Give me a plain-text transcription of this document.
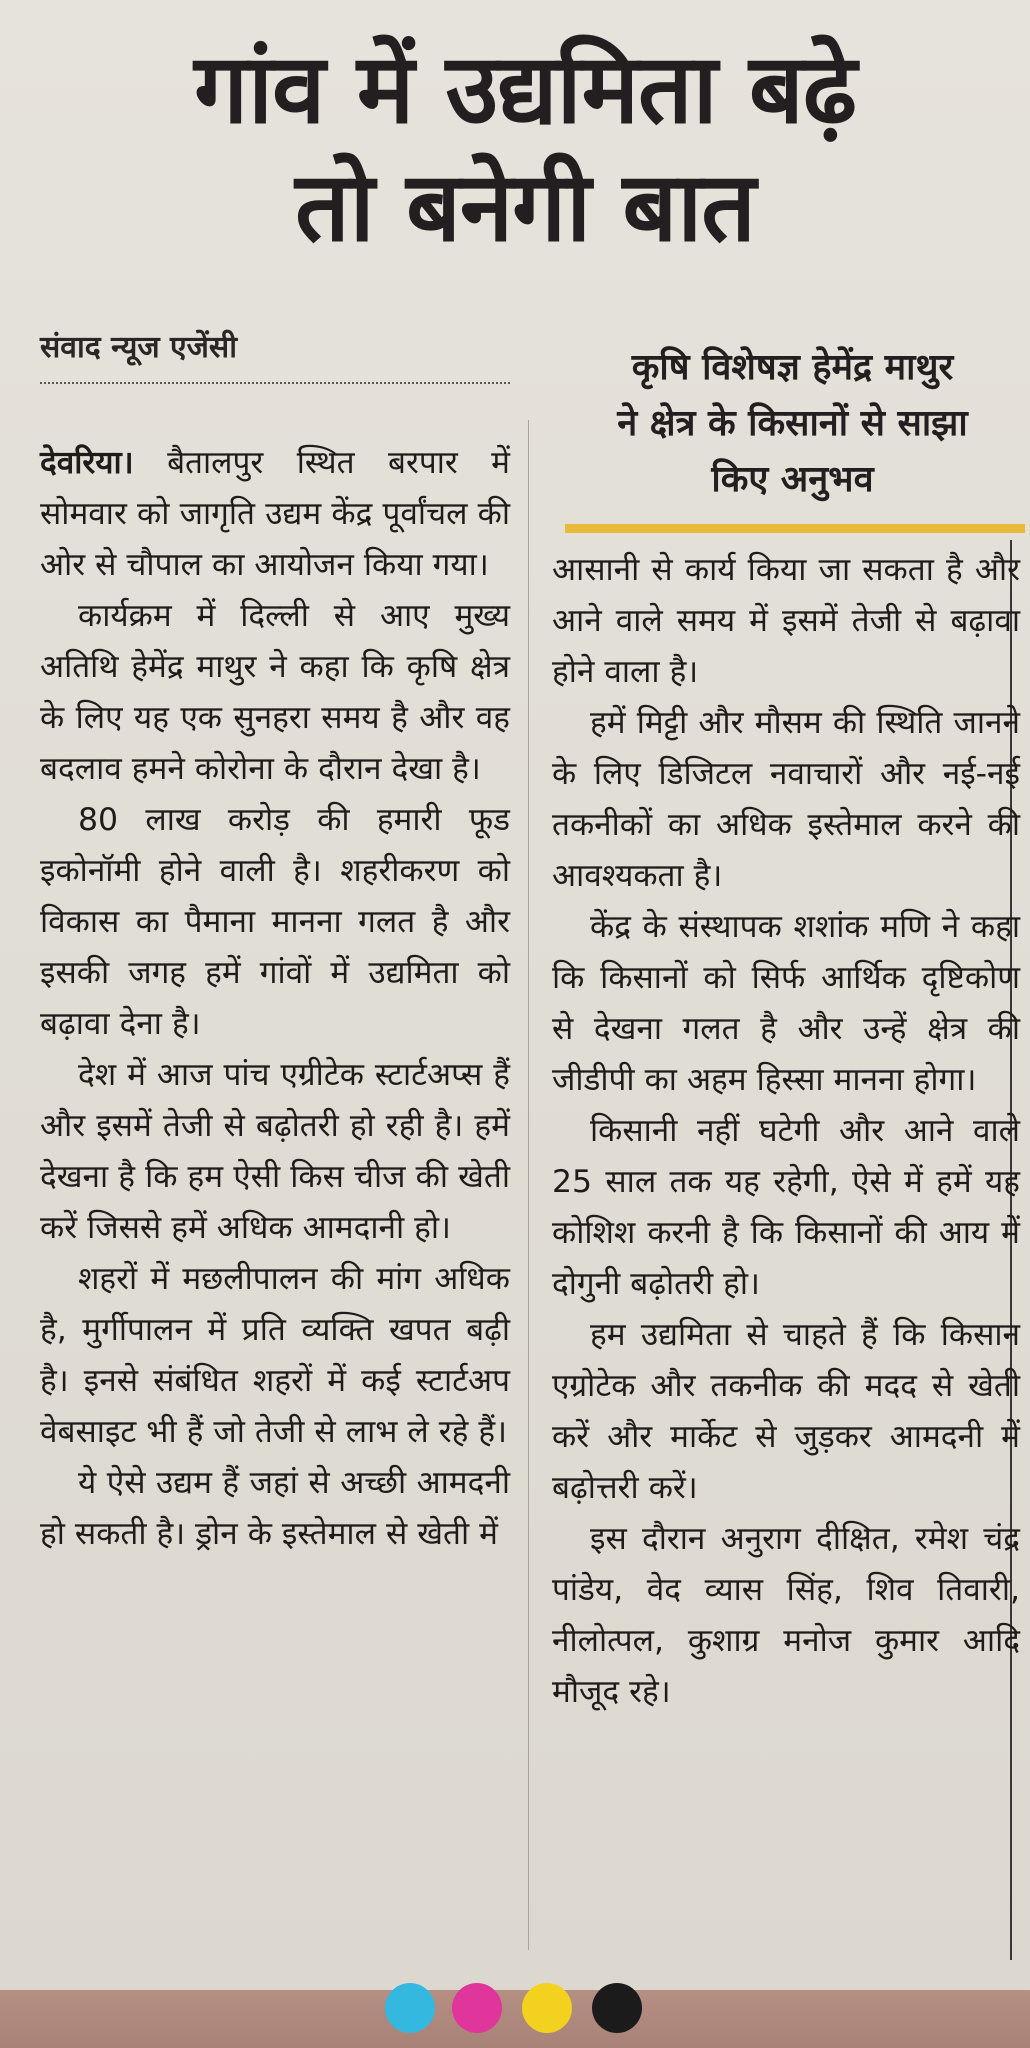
गांव में उद्यमिता बढ़े
तो बनेगी बात
संवाद न्यूज एजेंसी	कृषि विशेषज्ञ हेमेंद्र माथुर
ने क्षेत्र के किसानों से साझा
किए अनुभव

देवरिया। बैतालपुर स्थित बरपार में सोमवार को जागृति उद्यम केंद्र पूर्वांचल की ओर से चौपाल का आयोजन किया गया।

कार्यक्रम में दिल्ली से आए मुख्य अतिथि हेमेंद्र माथुर ने कहा कि कृषि क्षेत्र के लिए यह एक सुनहरा समय है और वह बदलाव हमने कोरोना के दौरान देखा है।

80 लाख करोड़ की हमारी फूड इकोनॉमी होने वाली है। शहरीकरण को विकास का पैमाना मानना गलत है और इसकी जगह हमें गांवों में उद्यमिता को बढ़ावा देना है।

देश में आज पांच एग्रीटेक स्टार्टअप्स हैं और इसमें तेजी से बढ़ोतरी हो रही है। हमें देखना है कि हम ऐसी किस चीज की खेती करें जिससे हमें अधिक आमदानी हो।

शहरों में मछलीपालन की मांग अधिक है, मुर्गीपालन में प्रति व्यक्ति खपत बढ़ी है। इनसे संबंधित शहरों में कई स्टार्टअप वेबसाइट भी हैं जो तेजी से लाभ ले रहे हैं।

ये ऐसे उद्यम हैं जहां से अच्छी आमदनी हो सकती है। ड्रोन के इस्तेमाल से खेती में

आसानी से कार्य किया जा सकता है और आने वाले समय में इसमें तेजी से बढ़ावा होने वाला है।

हमें मिट्टी और मौसम की स्थिति जानने के लिए डिजिटल नवाचारों और नई-नई तकनीकों का अधिक इस्तेमाल करने की आवश्यकता है।

केंद्र के संस्थापक शशांक मणि ने कहा कि किसानों को सिर्फ आर्थिक दृष्टिकोण से देखना गलत है और उन्हें क्षेत्र की जीडीपी का अहम हिस्सा मानना होगा।

किसानी नहीं घटेगी और आने वाले 25 साल तक यह रहेगी, ऐसे में हमें यह कोशिश करनी है कि किसानों की आय में दोगुनी बढ़ोतरी हो।

हम उद्यमिता से चाहते हैं कि किसान एग्रोटेक और तकनीक की मदद से खेती करें और मार्केट से जुड़कर आमदनी में बढ़ोत्तरी करें।

इस दौरान अनुराग दीक्षित, रमेश चंद्र पांडेय, वेद व्यास सिंह, शिव तिवारी, नीलोत्पल, कुशाग्र मनोज कुमार आदि मौजूद रहे।
